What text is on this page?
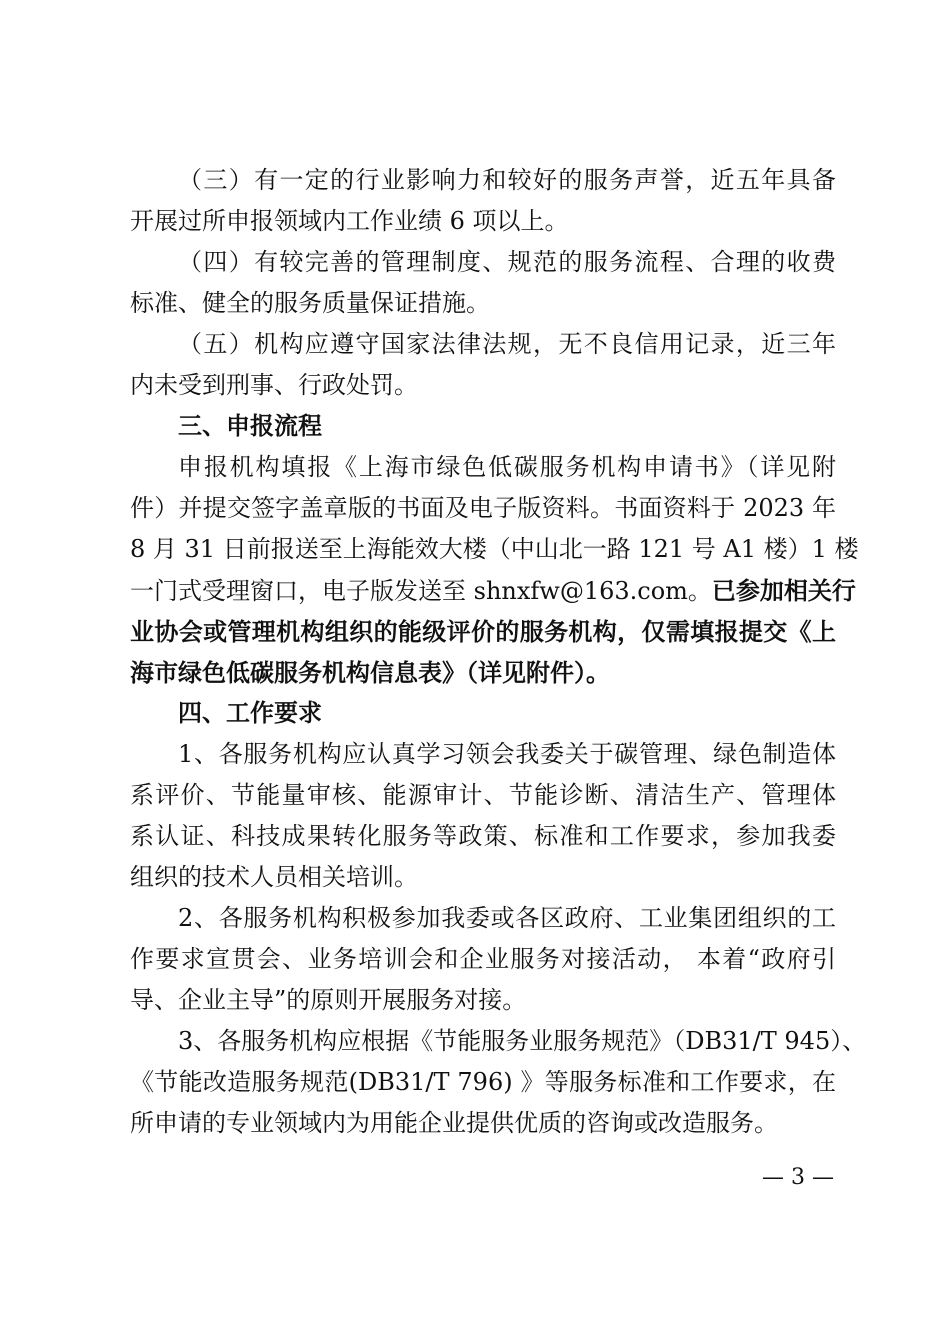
（三）有一定的行业影响力和较好的服务声誉，近五年具备
开展过所申报领域内工作业绩 6 项以上。
（四）有较完善的管理制度、规范的服务流程、合理的收费
标准、健全的服务质量保证措施。
（五）机构应遵守国家法律法规，无不良信用记录，近三年
内未受到刑事、行政处罚。
三、申报流程
申报机构填报《上海市绿色低碳服务机构申请书》（详见附
件）并提交签字盖章版的书面及电子版资料。书面资料于 2023 年
8 月 31 日前报送至上海能效大楼（中山北一路 121 号 A1 楼）1 楼
一门式受理窗口，电子版发送至 shnxfw@163.com。已参加相关行
业协会或管理机构组织的能级评价的服务机构，仅需填报提交《上
海市绿色低碳服务机构信息表》（详见附件）。
四、工作要求
1、各服务机构应认真学习领会我委关于碳管理、绿色制造体
系评价、节能量审核、能源审计、节能诊断、清洁生产、管理体
系认证、科技成果转化服务等政策、标准和工作要求，参加我委
组织的技术人员相关培训。
2、各服务机构积极参加我委或各区政府、工业集团组织的工
作要求宣贯会、业务培训会和企业服务对接活动， 本着“政府引
导、企业主导”的原则开展服务对接。
3、各服务机构应根据《节能服务业服务规范》（DB31/T 945）、
《节能改造服务规范(DB31/T 796) 》等服务标准和工作要求，在
所申请的专业领域内为用能企业提供优质的咨询或改造服务。
— 3 —
